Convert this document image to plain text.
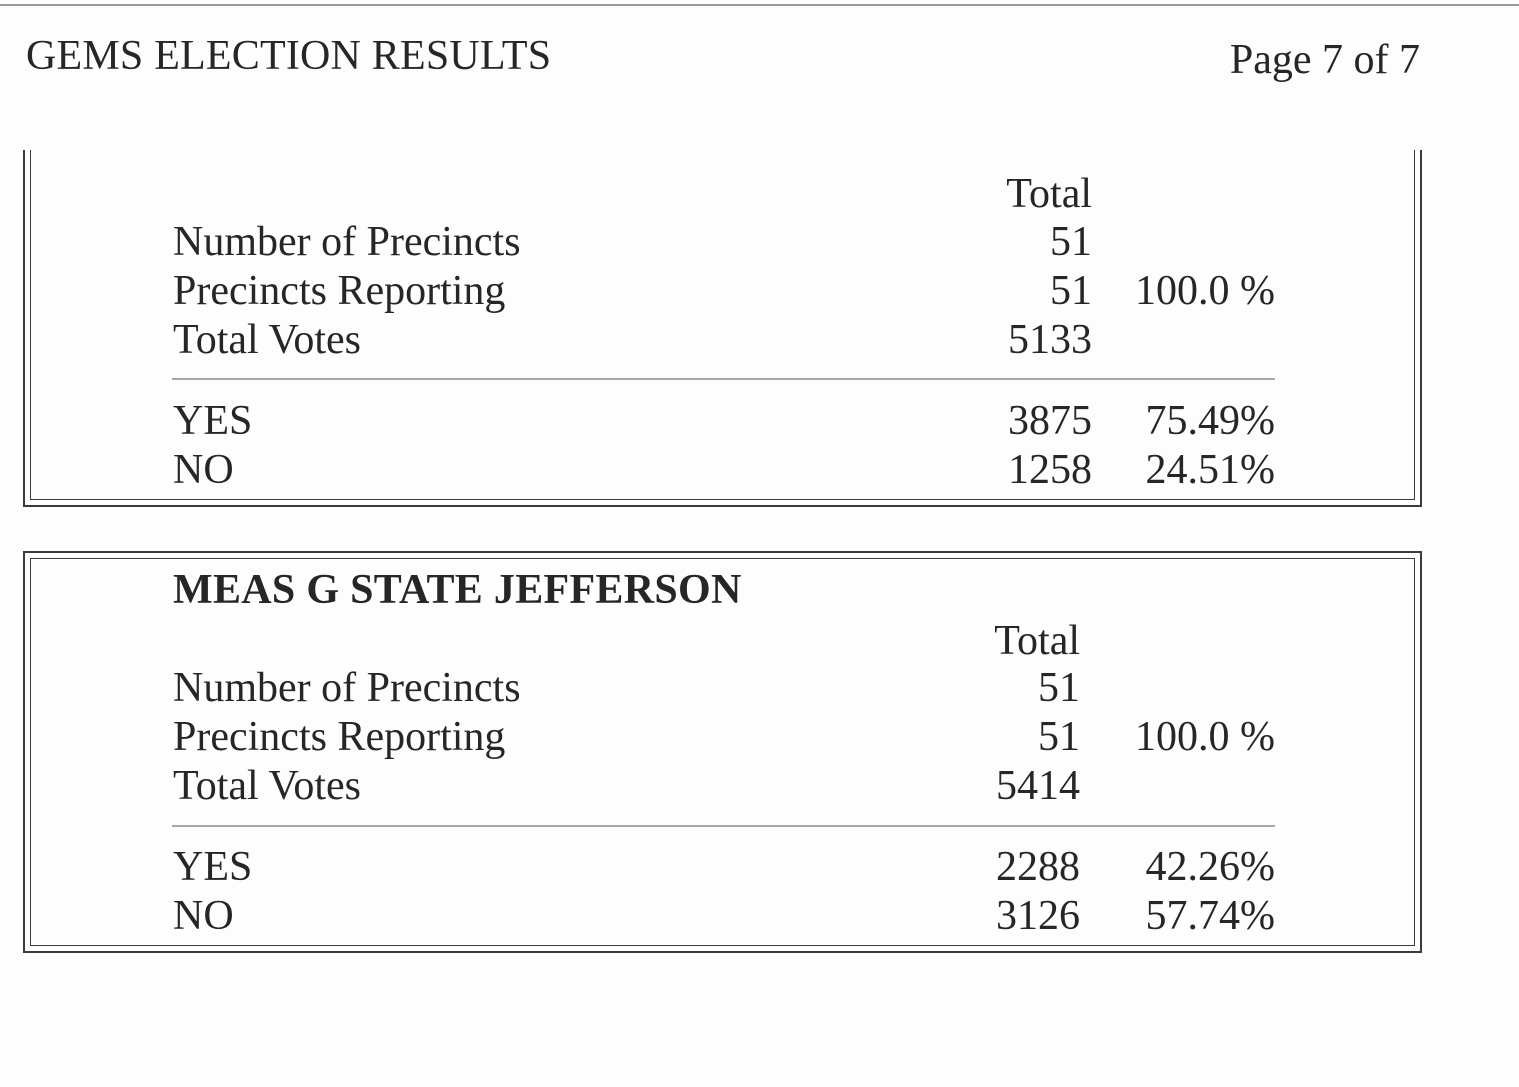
GEMS ELECTION RESULTS	Page 7 of 7
Total
Number of Precincts	51
Precincts Reporting	51	100.0 %
Total Votes	5133
YES	3875	75.49%
NO	1258	24.51%
MEAS G STATE JEFFERSON
Total
Number of Precincts	51
Precincts Reporting	51	100.0 %
Total Votes	5414
YES	2288	42.26%
NO	3126	57.74%
